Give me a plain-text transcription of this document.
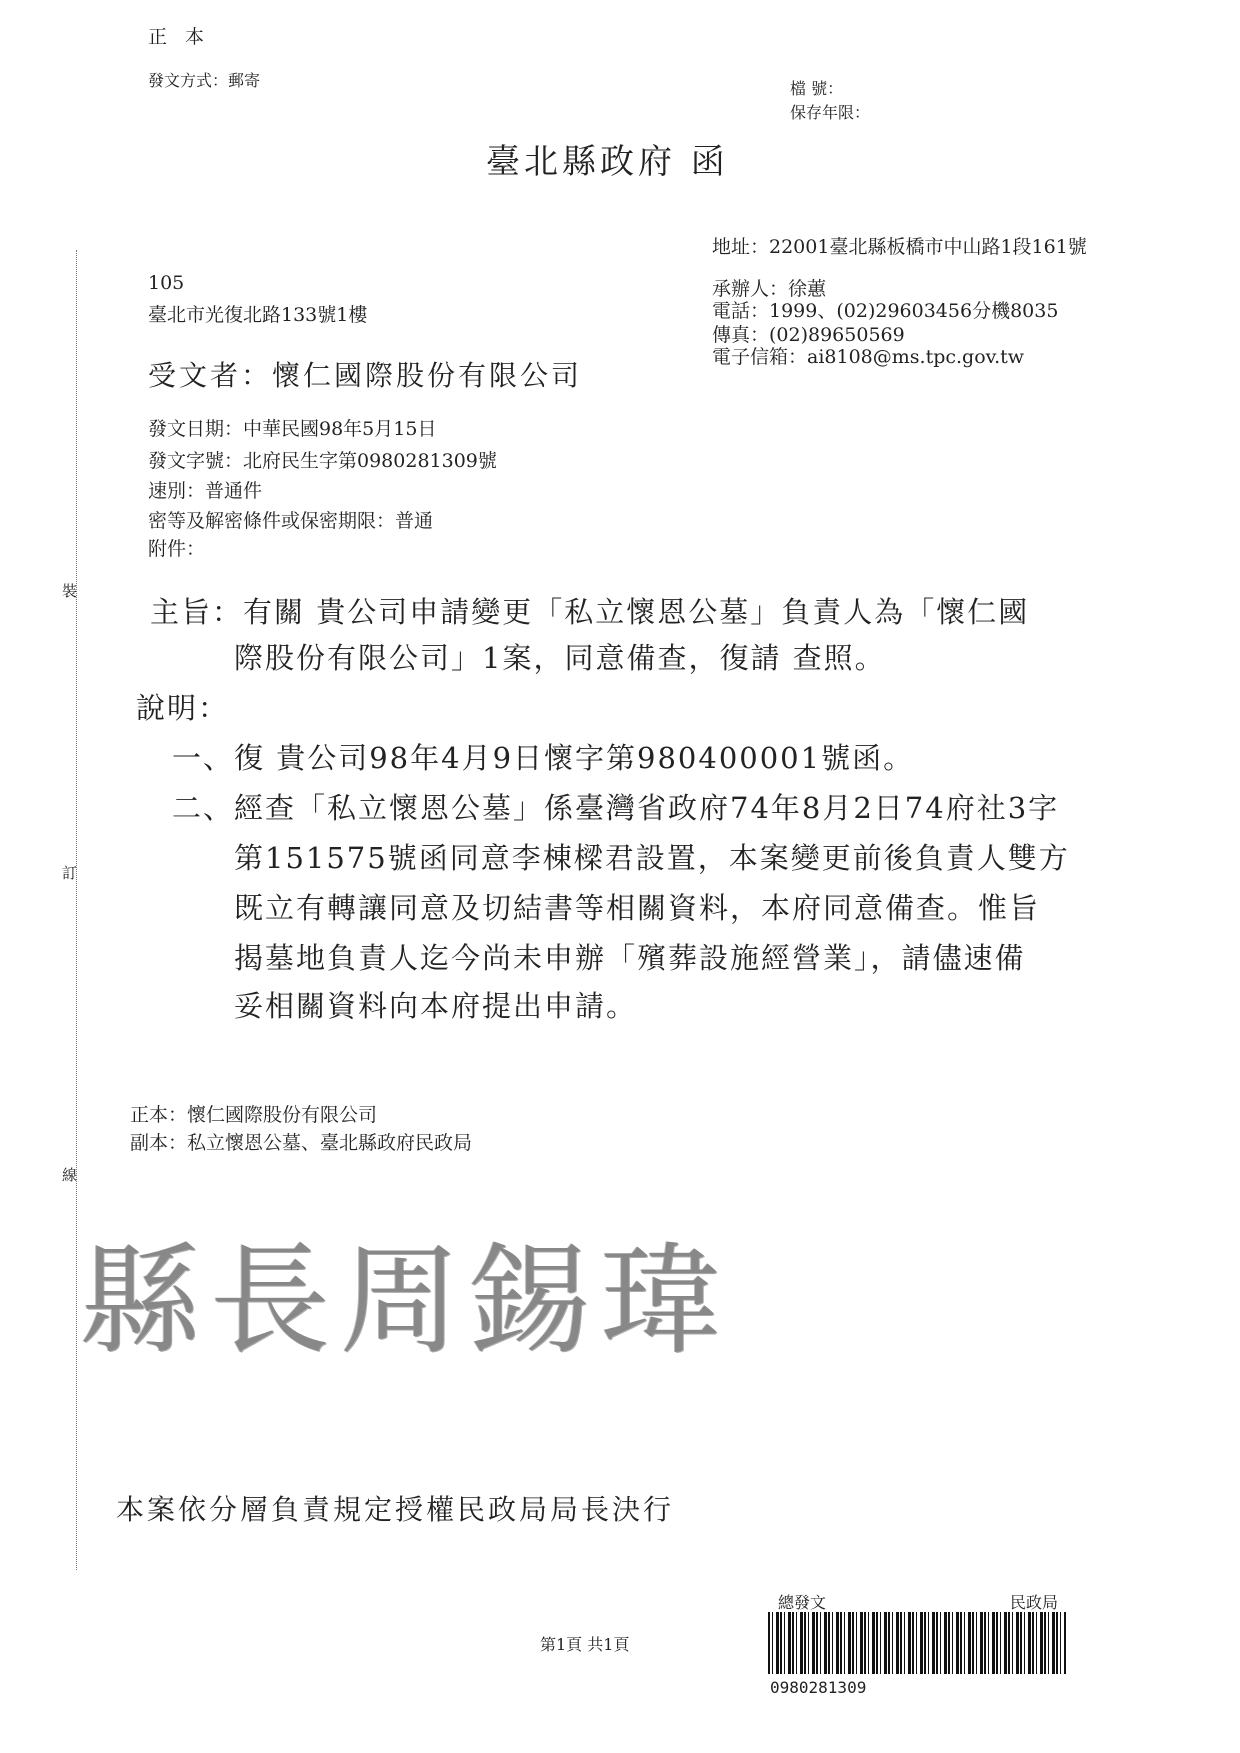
正 本
發文方式：郵寄	檔 號：
保存年限：
臺北縣政府 函
地址：22001臺北縣板橋市中山路1段161號
承辦人：徐蕙
電話：1999、(02)29603456分機8035
傳真：(02)89650569
電子信箱：ai8108@ms.tpc.gov.tw
105
臺北市光復北路133號1樓
受文者：懷仁國際股份有限公司
發文日期：中華民國98年5月15日
發文字號：北府民生字第0980281309號
速別：普通件
密等及解密條件或保密期限：普通
附件：
裝
訂
線
主旨：有關 貴公司申請變更「私立懷恩公墓」負責人為「懷仁國
際股份有限公司」1案，同意備查，復請 查照。
說明：
一、復 貴公司98年4月9日懷字第980400001號函。
二、經查「私立懷恩公墓」係臺灣省政府74年8月2日74府社3字
第151575號函同意李棟樑君設置，本案變更前後負責人雙方
既立有轉讓同意及切結書等相關資料，本府同意備查。惟旨
揭墓地負責人迄今尚未申辦「殯葬設施經營業」，請儘速備
妥相關資料向本府提出申請。
正本：懷仁國際股份有限公司
副本：私立懷恩公墓、臺北縣政府民政局
縣長周錫瑋
本案依分層負責規定授權民政局局長決行
第1頁 共1頁
總發文	民政局
0980281309
